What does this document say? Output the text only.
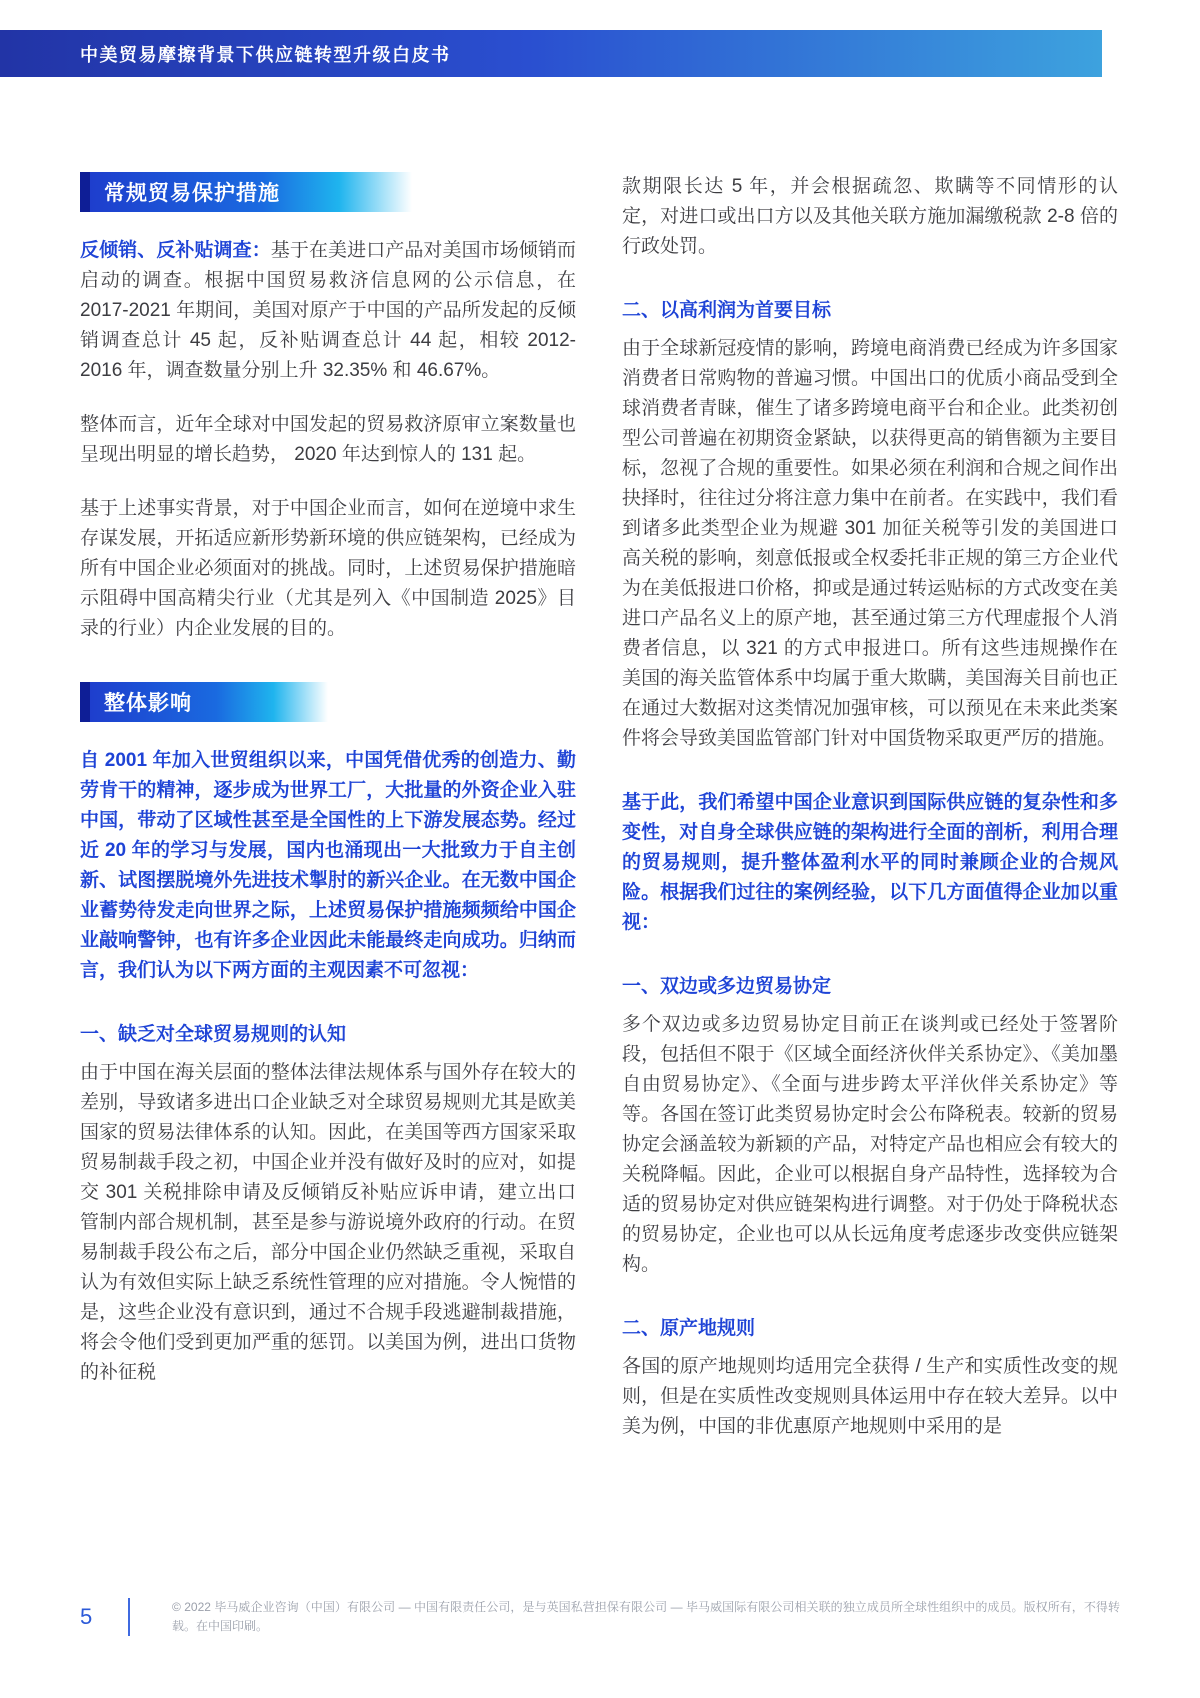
中美贸易摩擦背景下供应链转型升级白皮书
常规贸易保护措施

反倾销、反补贴调查：基于在美进口产品对美国市场倾销而启动的调查。根据中国贸易救济信息网的公示信息，在 2017-2021 年期间，美国对原产于中国的产品所发起的反倾销调查总计 45 起，反补贴调查总计 44 起，相较 2012-2016 年，调查数量分别上升 32.35% 和 46.67%。

整体而言，近年全球对中国发起的贸易救济原审立案数量也呈现出明显的增长趋势， 2020 年达到惊人的 131 起。

基于上述事实背景，对于中国企业而言，如何在逆境中求生存谋发展，开拓适应新形势新环境的供应链架构，已经成为所有中国企业必须面对的挑战。同时，上述贸易保护措施暗示阻碍中国高精尖行业（尤其是列入《中国制造 2025》目录的行业）内企业发展的目的。

整体影响

自 2001 年加入世贸组织以来，中国凭借优秀的创造力、勤劳肯干的精神，逐步成为世界工厂，大批量的外资企业入驻中国，带动了区域性甚至是全国性的上下游发展态势。经过近 20 年的学习与发展，国内也涌现出一大批致力于自主创新、试图摆脱境外先进技术掣肘的新兴企业。在无数中国企业蓄势待发走向世界之际，上述贸易保护措施频频给中国企业敲响警钟，也有许多企业因此未能最终走向成功。归纳而言，我们认为以下两方面的主观因素不可忽视：

一、缺乏对全球贸易规则的认知

由于中国在海关层面的整体法律法规体系与国外存在较大的差别，导致诸多进出口企业缺乏对全球贸易规则尤其是欧美国家的贸易法律体系的认知。因此，在美国等西方国家采取贸易制裁手段之初，中国企业并没有做好及时的应对，如提交 301 关税排除申请及反倾销反补贴应诉申请，建立出口管制内部合规机制，甚至是参与游说境外政府的行动。在贸易制裁手段公布之后，部分中国企业仍然缺乏重视，采取自认为有效但实际上缺乏系统性管理的应对措施。令人惋惜的是，这些企业没有意识到，通过不合规手段逃避制裁措施，将会令他们受到更加严重的惩罚。以美国为例，进出口货物的补征税

款期限长达 5 年，并会根据疏忽、欺瞒等不同情形的认定，对进口或出口方以及其他关联方施加漏缴税款 2-8 倍的行政处罚。

二、以高利润为首要目标

由于全球新冠疫情的影响，跨境电商消费已经成为许多国家消费者日常购物的普遍习惯。中国出口的优质小商品受到全球消费者青睐，催生了诸多跨境电商平台和企业。此类初创型公司普遍在初期资金紧缺，以获得更高的销售额为主要目标，忽视了合规的重要性。如果必须在利润和合规之间作出抉择时，往往过分将注意力集中在前者。在实践中，我们看到诸多此类型企业为规避 301 加征关税等引发的美国进口高关税的影响，刻意低报或全权委托非正规的第三方企业代为在美低报进口价格，抑或是通过转运贴标的方式改变在美进口产品名义上的原产地，甚至通过第三方代理虚报个人消费者信息，以 321 的方式申报进口。所有这些违规操作在美国的海关监管体系中均属于重大欺瞒，美国海关目前也正在通过大数据对这类情况加强审核，可以预见在未来此类案件将会导致美国监管部门针对中国货物采取更严厉的措施。

基于此，我们希望中国企业意识到国际供应链的复杂性和多变性，对自身全球供应链的架构进行全面的剖析，利用合理的贸易规则，提升整体盈利水平的同时兼顾企业的合规风险。根据我们过往的案例经验，以下几方面值得企业加以重视：

一、双边或多边贸易协定

多个双边或多边贸易协定目前正在谈判或已经处于签署阶段，包括但不限于《区域全面经济伙伴关系协定》、《美加墨自由贸易协定》、《全面与进步跨太平洋伙伴关系协定》等等。各国在签订此类贸易协定时会公布降税表。较新的贸易协定会涵盖较为新颖的产品，对特定产品也相应会有较大的关税降幅。因此，企业可以根据自身产品特性，选择较为合适的贸易协定对供应链架构进行调整。对于仍处于降税状态的贸易协定，企业也可以从长远角度考虑逐步改变供应链架构。

二、原产地规则

各国的原产地规则均适用完全获得 / 生产和实质性改变的规则，但是在实质性改变规则具体运用中存在较大差异。以中美为例，中国的非优惠原产地规则中采用的是

5	© 2022 毕马威企业咨询（中国）有限公司 — 中国有限责任公司，是与英国私营担保有限公司 — 毕马威国际有限公司相关联的独立成员所全球性组织中的成员。版权所有，不得转载。在中国印刷。
